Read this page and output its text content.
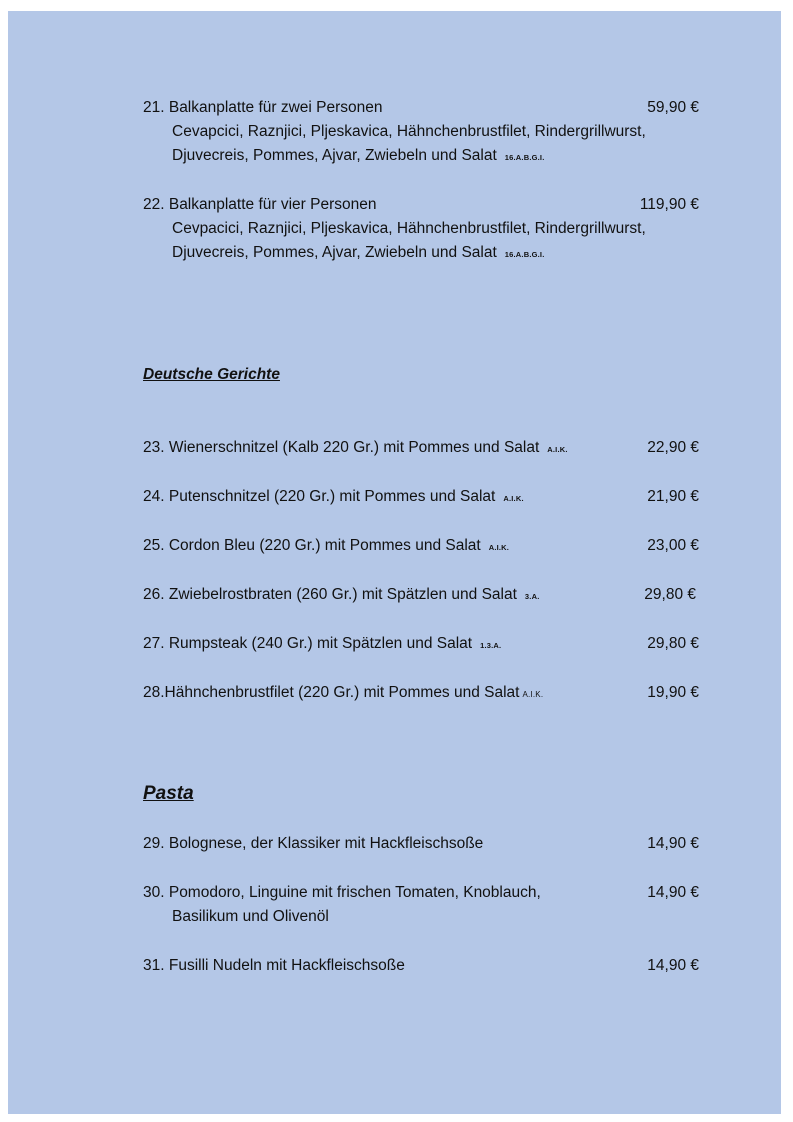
21. Balkanplatte für zwei Personen	59,90 €
Cevapcici, Raznjici, Pljeskavica, Hähnchenbrustfilet, Rindergrillwurst,
Djuvecreis, Pommes, Ajvar, Zwiebeln und Salat 16.A.B.G.I.
22. Balkanplatte für vier Personen	119,90 €
Cevpacici, Raznjici, Pljeskavica, Hähnchenbrustfilet, Rindergrillwurst,
Djuvecreis, Pommes, Ajvar, Zwiebeln und Salat 16.A.B.G.I.
Deutsche Gerichte
23. Wienerschnitzel (Kalb 220 Gr.) mit Pommes und Salat A.I.K.	22,90 €
24. Putenschnitzel (220 Gr.) mit Pommes und Salat A.I.K.	21,90 €
25. Cordon Bleu (220 Gr.) mit Pommes und Salat A.I.K.	23,00 €
26. Zwiebelrostbraten (260 Gr.) mit Spätzlen und Salat 3.A.	29,80 €
27. Rumpsteak (240 Gr.) mit Spätzlen und Salat 1.3.A.	29,80 €
28.Hähnchenbrustfilet (220 Gr.) mit Pommes und Salat A.I.K.	19,90 €
Pasta
29. Bolognese, der Klassiker mit Hackfleischsoße	14,90 €
30. Pomodoro, Linguine mit frischen Tomaten, Knoblauch,	14,90 €
Basilikum und Olivenöl
31. Fusilli Nudeln mit Hackfleischsoße	14,90 €
